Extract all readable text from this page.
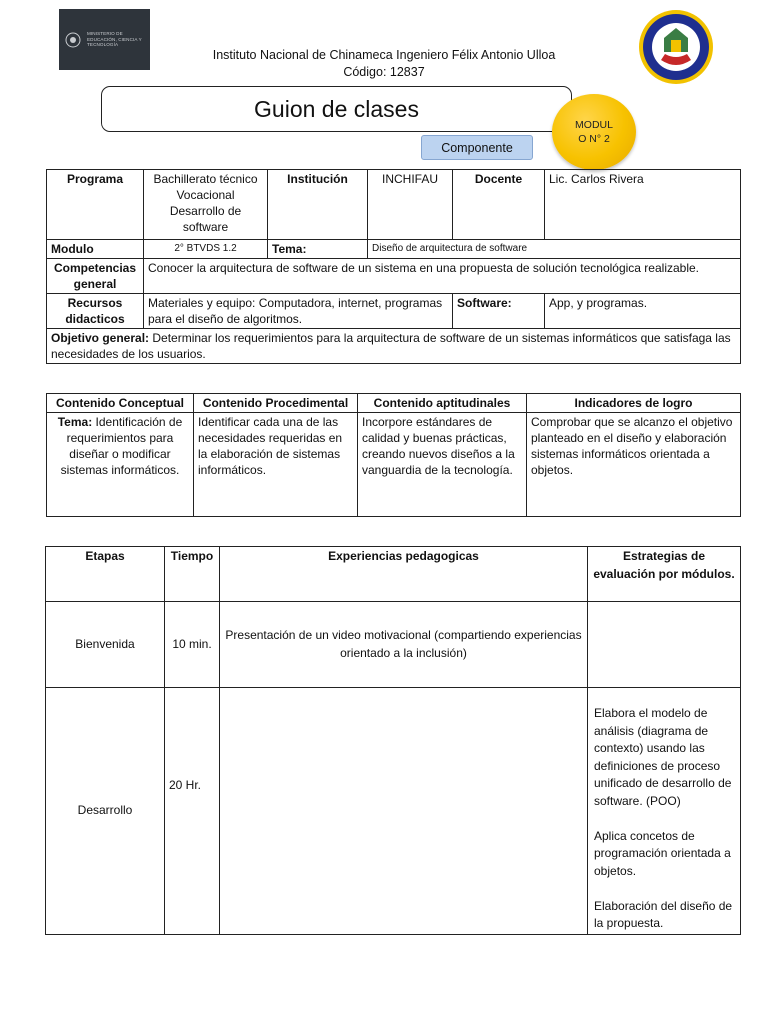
MINISTERIO DE EDUCACIÓN, CIENCIA Y TECNOLOGÍA
Instituto Nacional de Chinameca Ingeniero Félix Antonio Ulloa
Código: 12837
Guion de clases
MODUL O N° 2
Componente
Programa	Bachillerato técnico Vocacional Desarrollo de software	Institución	INCHIFAU	Docente	Lic. Carlos Rivera
Modulo	2° BTVDS 1.2	Tema:	Diseño de arquitectura de software		
Competencias general	Conocer la arquitectura de software de un sistema en una propuesta de solución tecnológica realizable.				
Recursos didacticos	Materiales y equipo: Computadora, internet, programas para el diseño de algoritmos.			Software:	App, y programas.
Objetivo general: Determinar los requerimientos para la arquitectura de software de un sistemas informáticos que satisfaga las necesidades de los usuarios.					
Contenido Conceptual	Contenido Procedimental	Contenido aptitudinales	Indicadores de logro
Tema: Identificación de requerimientos para diseñar o modificar sistemas informáticos.	Identificar cada una de las necesidades requeridas en la elaboración de sistemas informáticos.	Incorpore estándares de calidad y buenas prácticas, creando nuevos diseños a la vanguardia de la tecnología.	Comprobar que se alcanzo el objetivo planteado en el diseño y elaboración sistemas informáticos orientada a objetos.
Etapas	Tiempo	Experiencias pedagogicas	Estrategias de evaluación por módulos.
Bienvenida	10 min.	Presentación de un video motivacional (compartiendo experiencias orientado a la inclusión)	
Desarrollo	20 Hr.		Elabora el modelo de análisis (diagrama de contexto) usando las definiciones de proceso unificado de desarrollo de software. (POO)
Aplica concetos de programación orientada a objetos.
Elaboración del diseño de la propuesta.
